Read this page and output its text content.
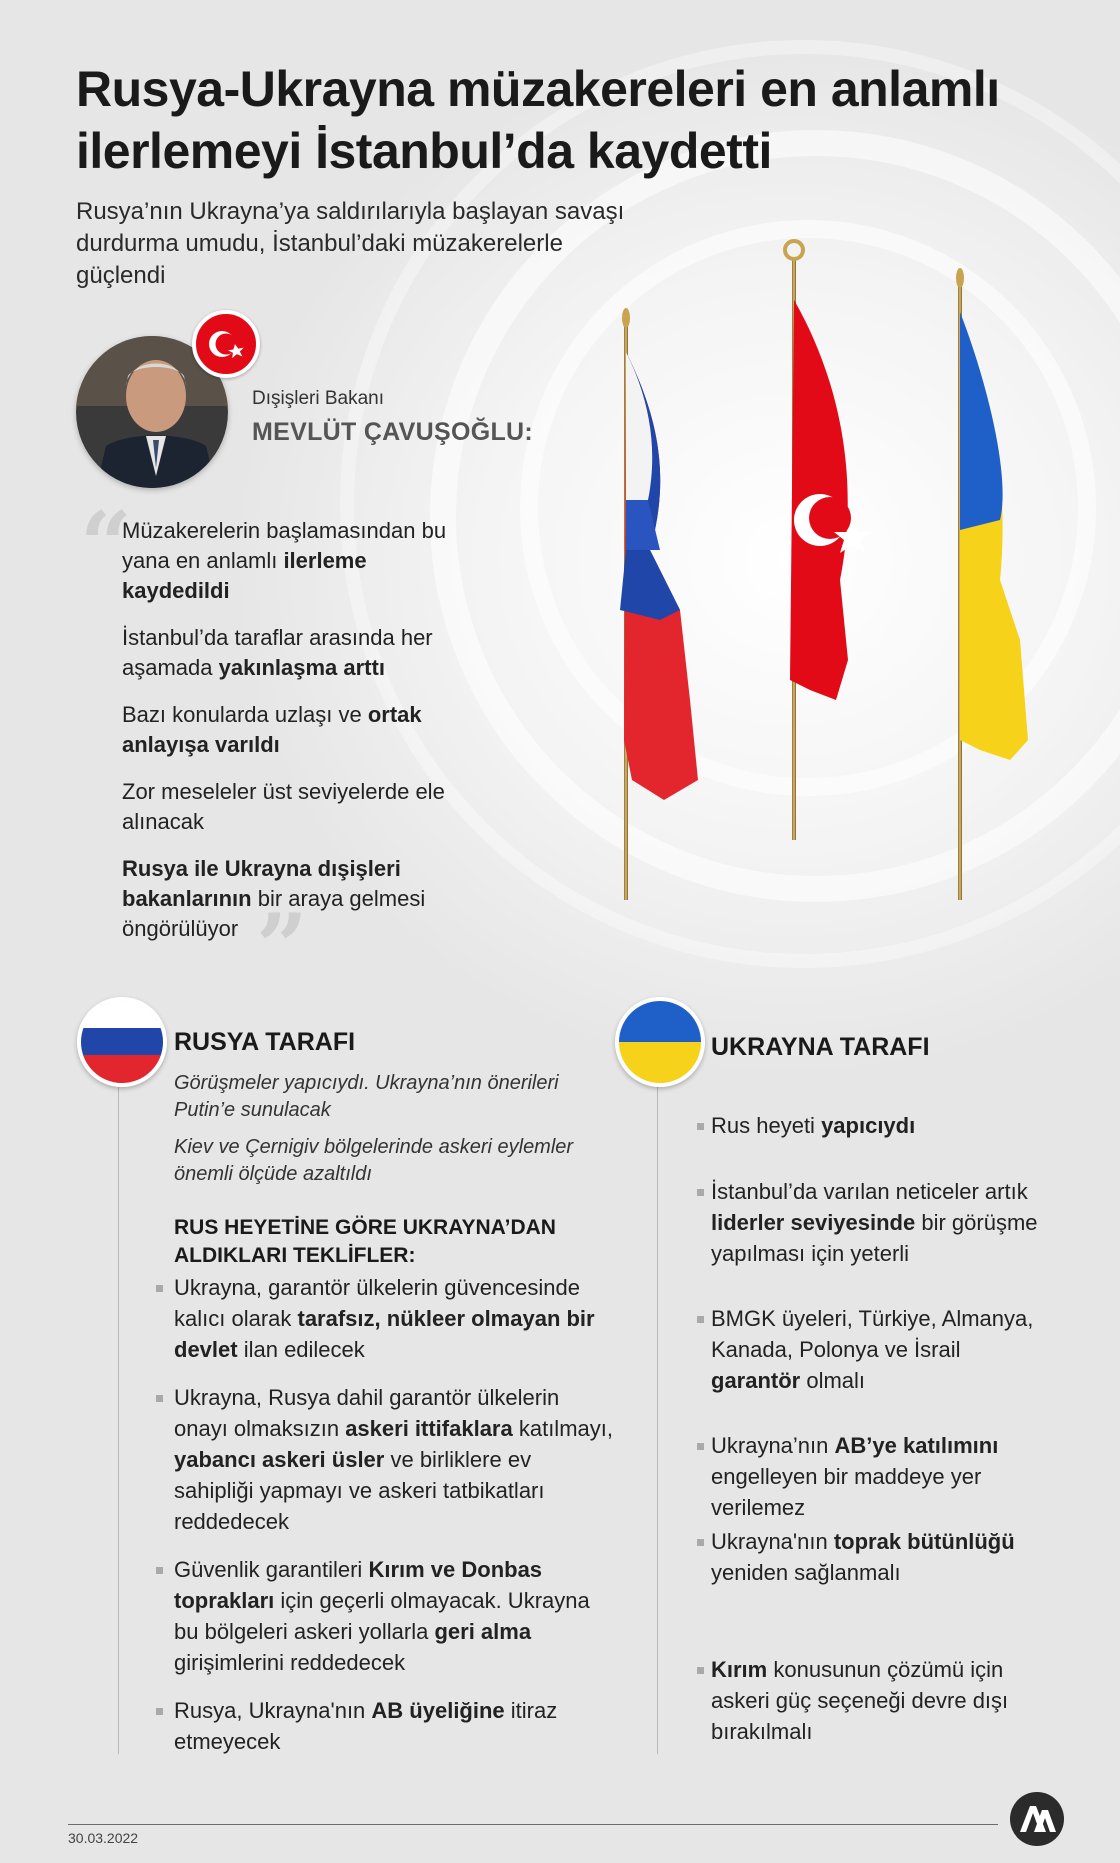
Rusya-Ukrayna müzakereleri en anlamlı
ilerlemeyi İstanbul’da kaydetti
Rusya’nın Ukrayna’ya saldırılarıyla başlayan savaşı durdurma umudu, İstanbul’daki müzakerelerle güçlendi
Dışişleri Bakanı
MEVLÜT ÇAVUŞOĞLU:
“

Müzakerelerin başlamasından bu yana en anlamlı ilerleme kaydedildi

İstanbul’da taraflar arasında her aşamada yakınlaşma arttı

Bazı konularda uzlaşı ve ortak anlayışa varıldı

Zor meseleler üst seviyelerde ele alınacak

Rusya ile Ukrayna dışişleri bakanlarının bir araya gelmesi öngörülüyor ”
RUSYA TARAFI

Görüşmeler yapıcıydı. Ukrayna’nın önerileri Putin’e sunulacak

Kiev ve Çernigiv bölgelerinde askeri eylemler önemli ölçüde azaltıldı

RUS HEYETİNE GÖRE UKRAYNA’DAN ALDIKLARI TEKLİFLER:
Ukrayna, garantör ülkelerin güvencesinde kalıcı olarak tarafsız, nükleer olmayan bir devlet ilan edilecek
Ukrayna, Rusya dahil garantör ülkelerin onayı olmaksızın askeri ittifaklara katılmayı, yabancı askeri üsler ve birliklere ev sahipliği yapmayı ve askeri tatbikatları reddedecek
Güvenlik garantileri Kırım ve Donbas toprakları için geçerli olmayacak. Ukrayna bu bölgeleri askeri yollarla geri alma girişimlerini reddedecek
Rusya, Ukrayna'nın AB üyeliğine itiraz etmeyecek
UKRAYNA TARAFI
Rus heyeti yapıcıydı
İstanbul’da varılan neticeler artık liderler seviyesinde bir görüşme yapılması için yeterli
BMGK üyeleri, Türkiye, Almanya, Kanada, Polonya ve İsrail garantör olmalı
Ukrayna’nın AB’ye katılımını engelleyen bir maddeye yer verilemez
Ukrayna'nın toprak bütünlüğü yeniden sağlanmalı
Kırım konusunun çözümü için askeri güç seçeneği devre dışı bırakılmalı
30.03.2022
